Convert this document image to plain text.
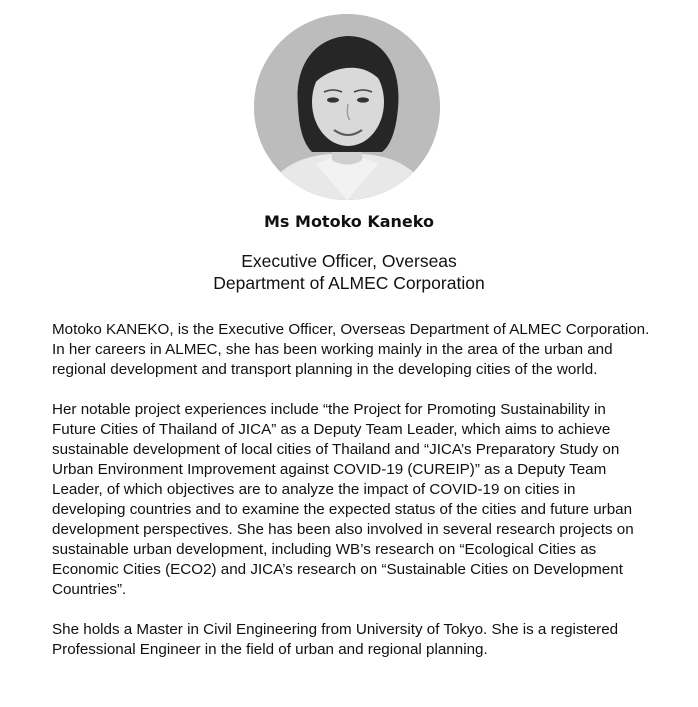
Ms Motoko Kaneko
Executive Officer, Overseas
Department of ALMEC Corporation

Motoko KANEKO, is the Executive Officer, Overseas Department of ALMEC Corporation. In her careers in ALMEC, she has been working mainly in the area of the urban and regional development and transport planning in the developing cities of the world.

Her notable project experiences include “the Project for Promoting Sustainability in Future Cities of Thailand of JICA” as a Deputy Team Leader, which aims to achieve sustainable development of local cities of Thailand and “JICA’s Preparatory Study on Urban Environment Improvement against COVID-19 (CUREIP)” as a Deputy Team Leader, of which objectives are to analyze the impact of COVID-19 on cities in developing countries and to examine the expected status of the cities and future urban development perspectives. She has been also involved in several research projects on sustainable urban development, including WB’s research on “Ecological Cities as Economic Cities (ECO2) and JICA’s research on “Sustainable Cities on Development Countries”.

She holds a Master in Civil Engineering from University of Tokyo. She is a registered Professional Engineer in the field of urban and regional planning.
